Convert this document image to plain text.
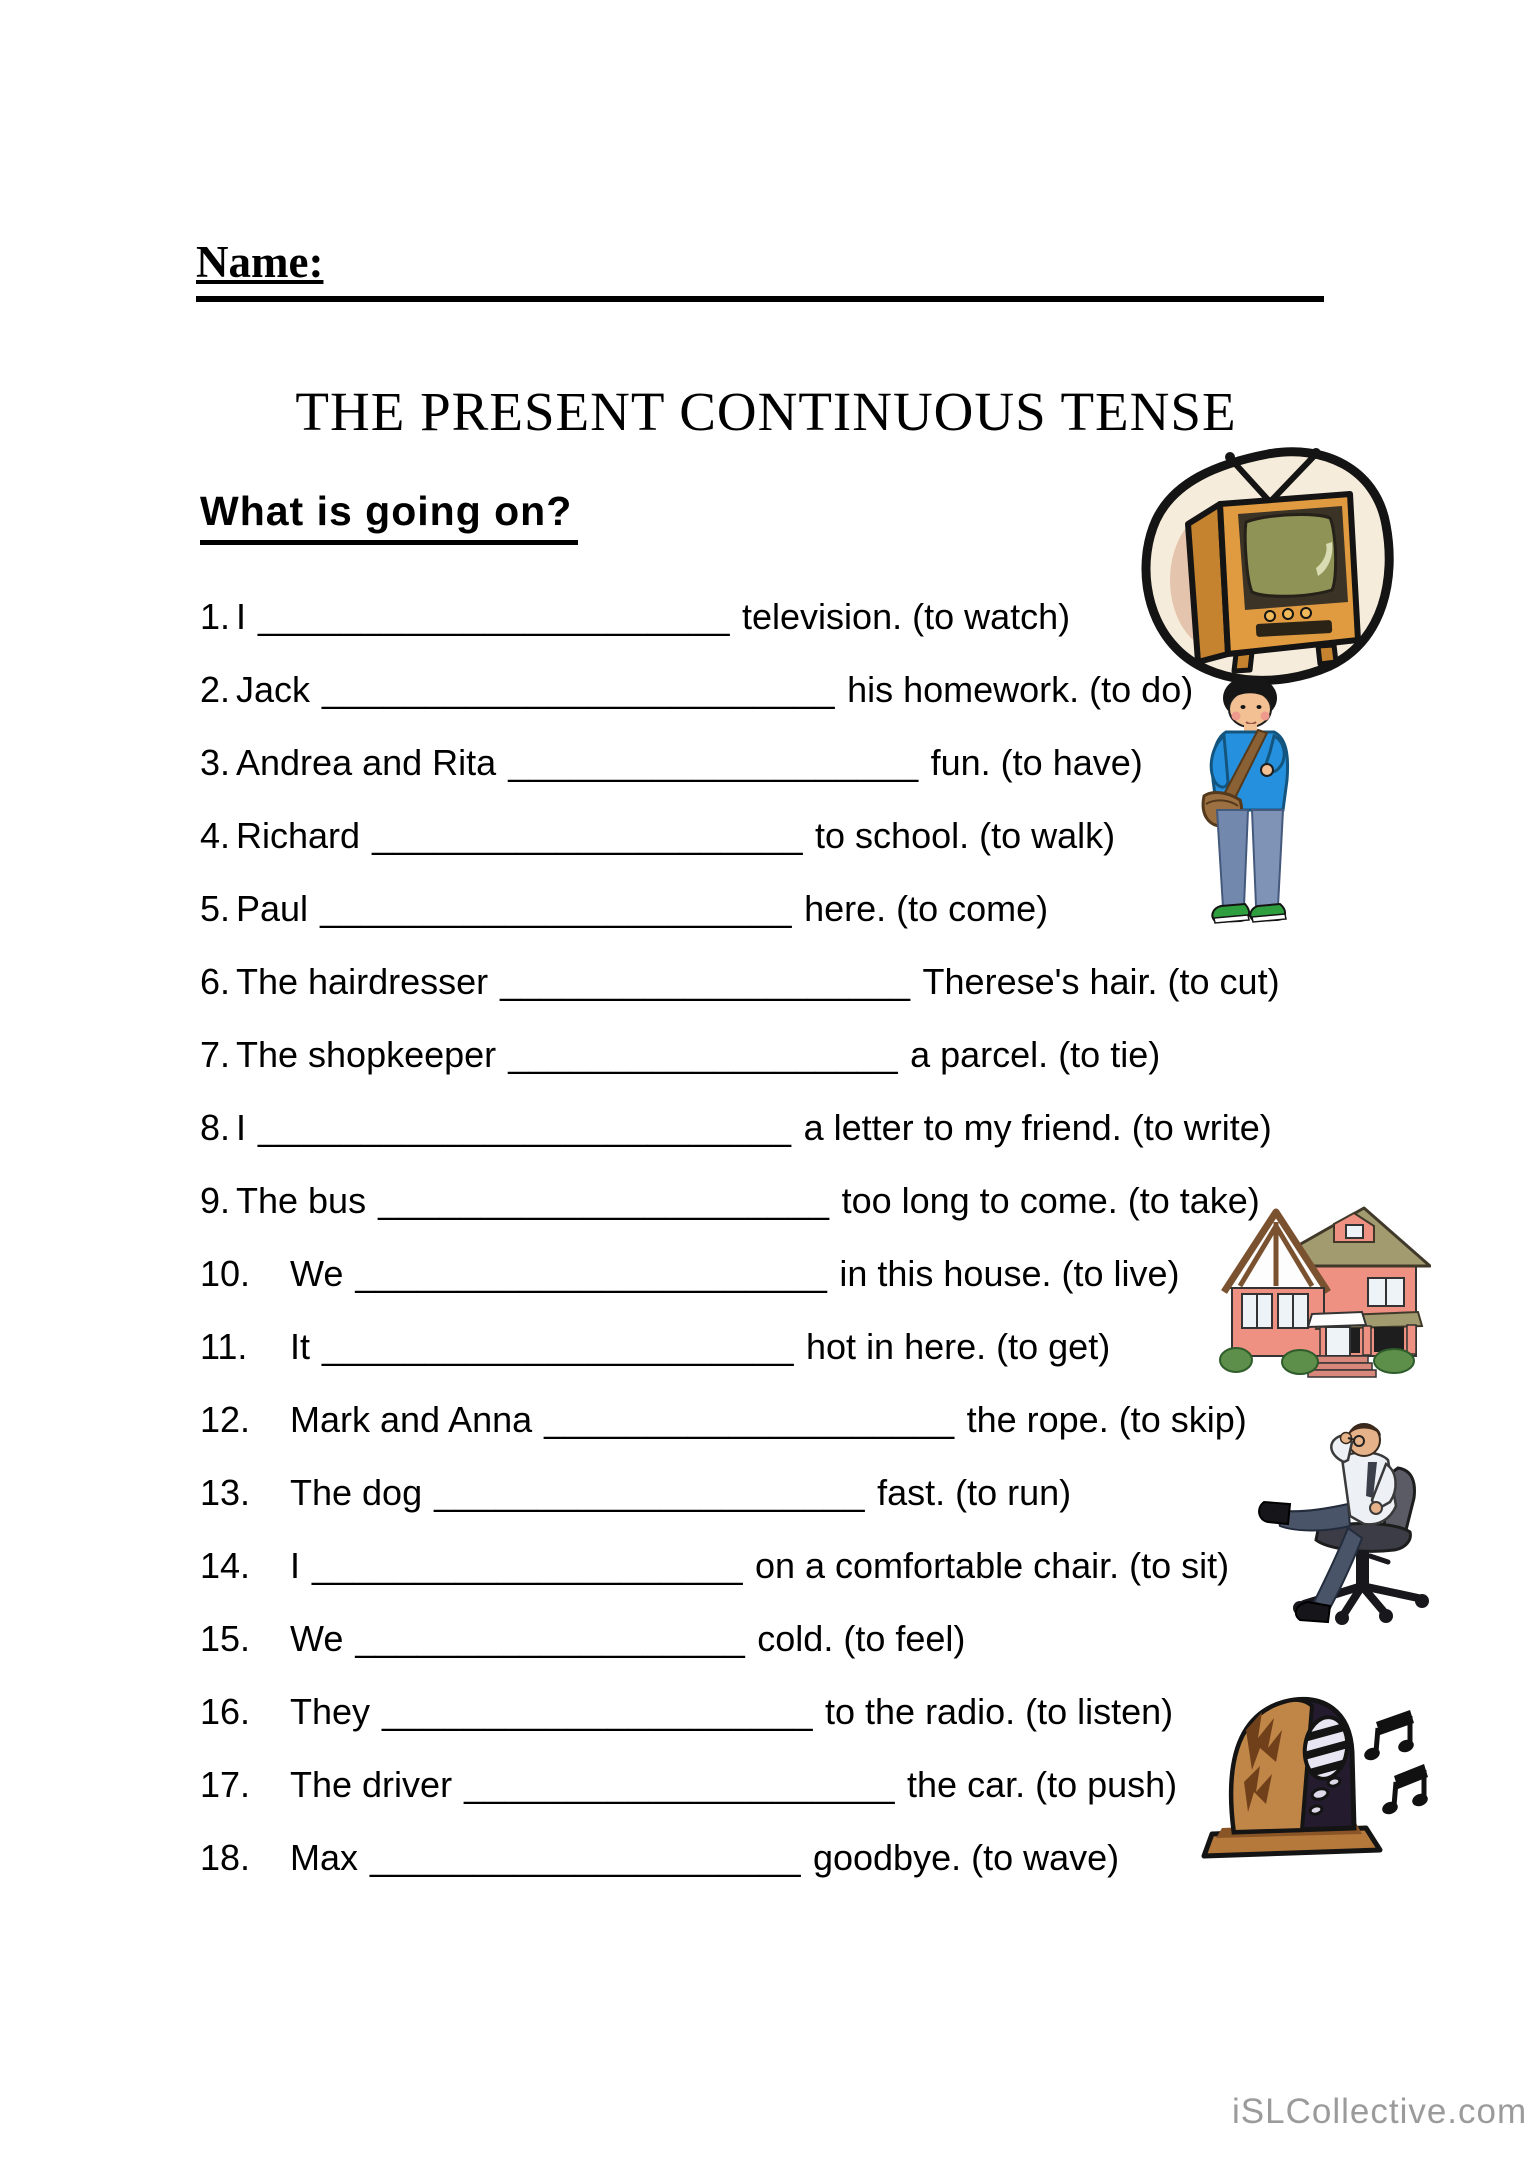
Name:
THE PRESENT CONTINUOUS TENSE
What is going on?
1. I _______________________ television. (to watch)
2. Jack _________________________ his homework. (to do)
3. Andrea and Rita ____________________ fun. (to have)
4. Richard _____________________ to school. (to walk)
5. Paul _______________________ here. (to come)
6. The hairdresser ____________________ Therese's hair. (to cut)
7. The shopkeeper ___________________ a parcel. (to tie)
8. I __________________________ a letter to my friend. (to write)
9. The bus ______________________ too long to come. (to take)
10. We _______________________ in this house. (to live)
11. It _______________________ hot in here. (to get)
12. Mark and Anna ____________________ the rope. (to skip)
13. The dog _____________________ fast. (to run)
14. I _____________________ on a comfortable chair. (to sit)
15. We ___________________ cold. (to feel)
16. They _____________________ to the radio. (to listen)
17. The driver _____________________ the car. (to push)
18. Max _____________________ goodbye. (to wave)
iSLCollective.com
